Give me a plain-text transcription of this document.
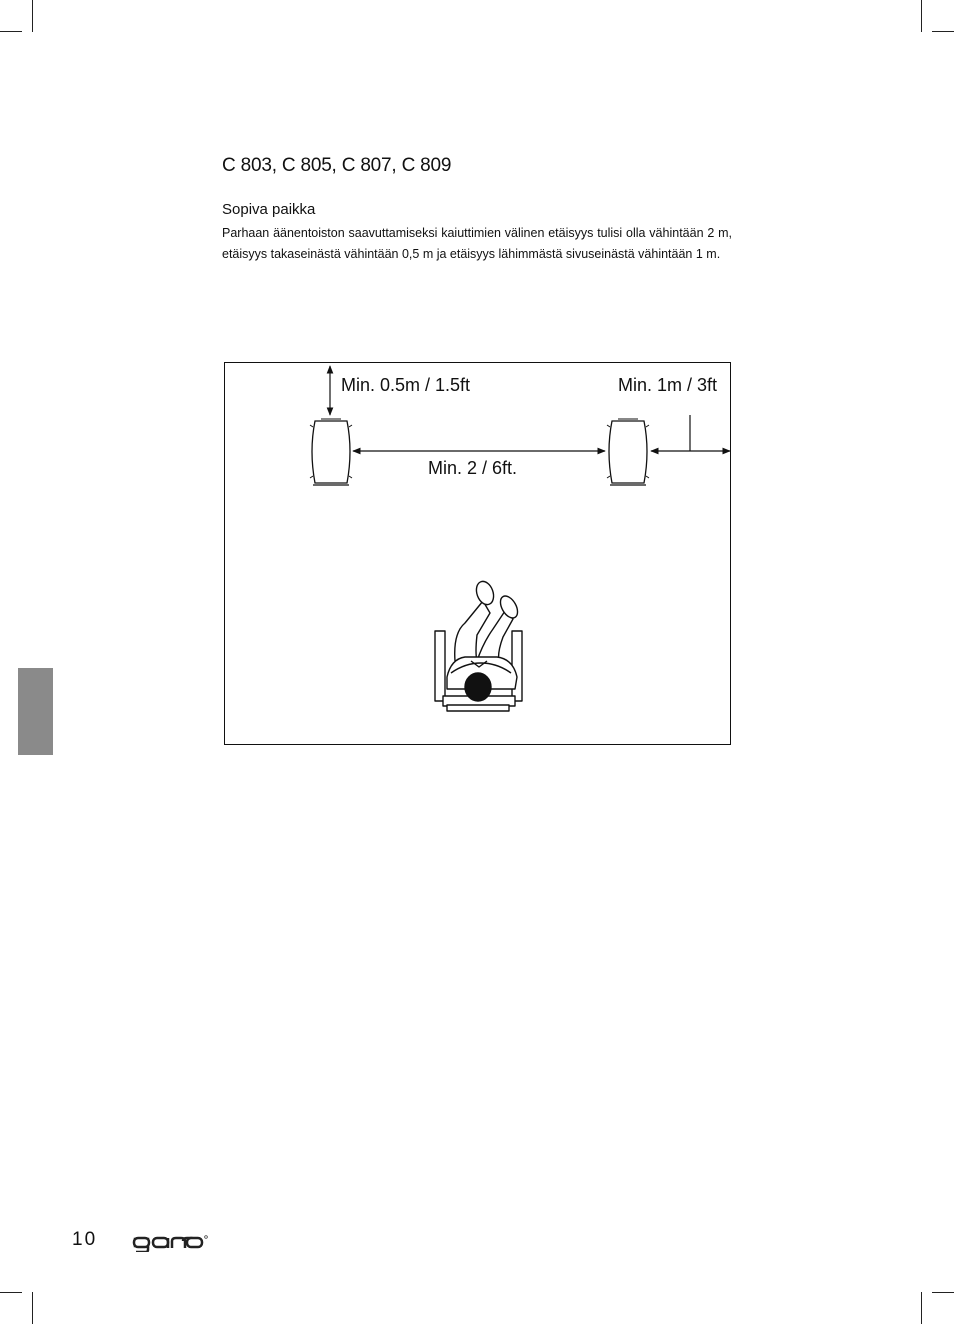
C 803, C 805, C 807, C 809
Sopiva paikka
Parhaan äänentoiston saavuttamiseksi kaiuttimien välinen etäisyys tulisi olla vähintään 2 m, etäisyys takaseinästä vähintään 0,5 m ja etäisyys lähimmästä sivuseinästä vähintään 1 m.
Min. 0.5m / 1.5ft	Min. 1m / 3ft
Min. 2 / 6ft.
10
